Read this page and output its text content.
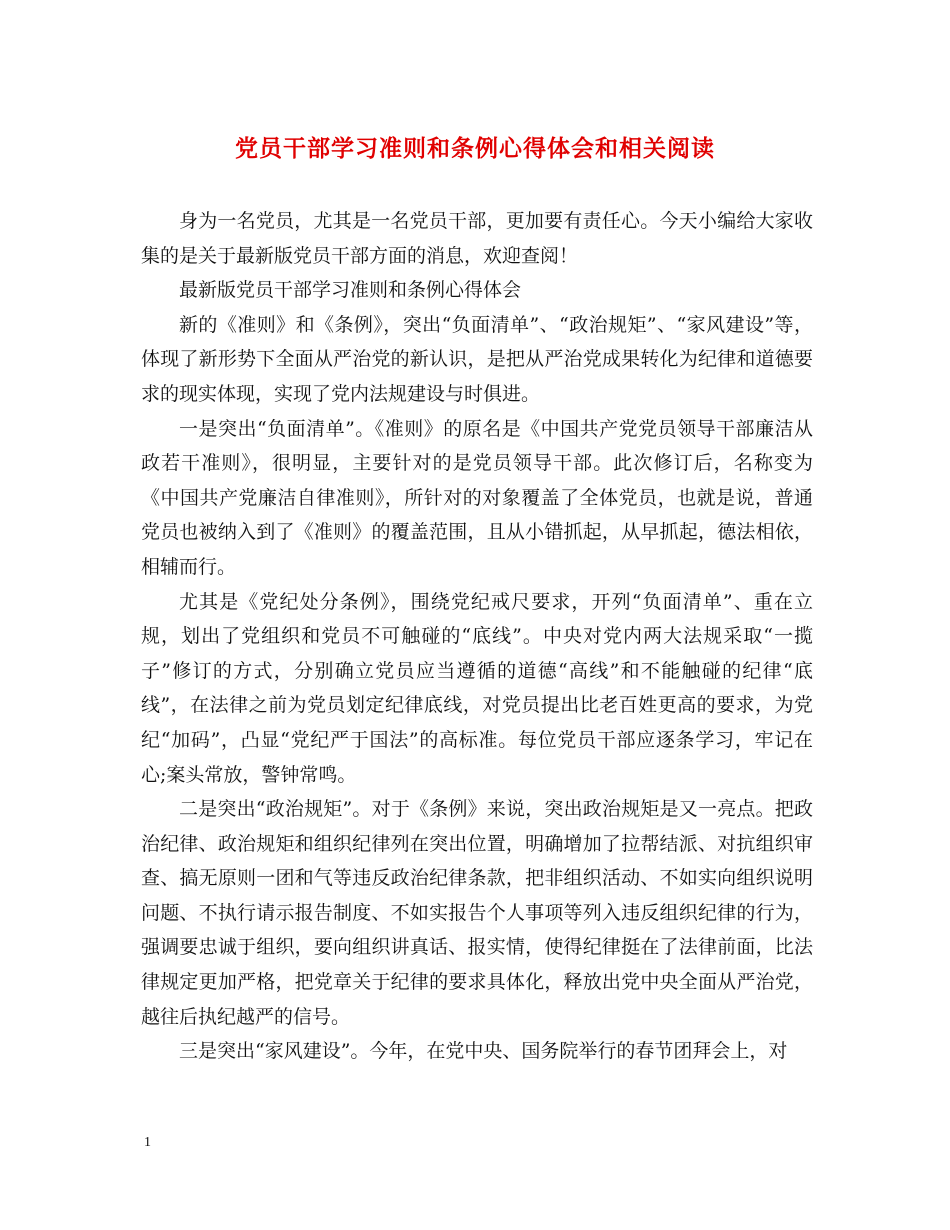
党员干部学习准则和条例心得体会和相关阅读

身为一名党员，尤其是一名党员干部，更加要有责任心。今天小编给大家收集的是关于最新版党员干部方面的消息，欢迎查阅！

最新版党员干部学习准则和条例心得体会

新的《准则》和《条例》，突出“负面清单”、“政治规矩”、“家风建设”等，体现了新形势下全面从严治党的新认识，是把从严治党成果转化为纪律和道德要求的现实体现，实现了党内法规建设与时俱进。

一是突出“负面清单”。《准则》的原名是《中国共产党党员领导干部廉洁从政若干准则》，很明显，主要针对的是党员领导干部。此次修订后，名称变为《中国共产党廉洁自律准则》，所针对的对象覆盖了全体党员，也就是说，普通党员也被纳入到了《准则》的覆盖范围，且从小错抓起，从早抓起，德法相依，相辅而行。

尤其是《党纪处分条例》，围绕党纪戒尺要求，开列“负面清单”、重在立规，划出了党组织和党员不可触碰的“底线”。中央对党内两大法规采取“一揽子”修订的方式，分别确立党员应当遵循的道德“高线”和不能触碰的纪律“底线”，在法律之前为党员划定纪律底线，对党员提出比老百姓更高的要求，为党纪“加码”，凸显“党纪严于国法”的高标准。每位党员干部应逐条学习，牢记在心;案头常放，警钟常鸣。

二是突出“政治规矩”。对于《条例》来说，突出政治规矩是又一亮点。把政治纪律、政治规矩和组织纪律列在突出位置，明确增加了拉帮结派、对抗组织审查、搞无原则一团和气等违反政治纪律条款，把非组织活动、不如实向组织说明问题、不执行请示报告制度、不如实报告个人事项等列入违反组织纪律的行为，强调要忠诚于组织，要向组织讲真话、报实情，使得纪律挺在了法律前面，比法律规定更加严格，把党章关于纪律的要求具体化，释放出党中央全面从严治党，越往后执纪越严的信号。

三是突出“家风建设”。今年，在党中央、国务院举行的春节团拜会上，对

1
